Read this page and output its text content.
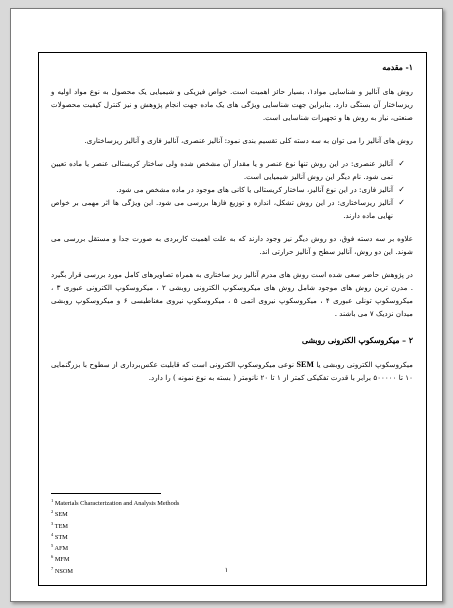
۱- مقدمه

روش های آنالیز و شناسایی مواد۱، بسیار حائز اهمیت است. خواص فیزیکی و شیمیایی یک محصول به نوع مواد اولیه و ریزساختار آن بستگی دارد. بنابراین جهت شناسایی ویژگی های یک ماده جهت انجام پژوهش و نیز کنترل کیفیت محصولات صنعتی، نیاز به روش ها و تجهیزات شناسایی است.

روش های آنالیز را می توان به سه دسته کلی تقسیم بندی نمود: آنالیز عنصری، آنالیز فازی و آنالیز ریزساختاری.

✓
آنالیز عنصری: در این روش تنها نوع عنصر و یا مقدار آن مشخص شده ولی ساختار کریستالی عنصر یا ماده تعیین نمی شود. نام دیگر این روش آنالیز شیمیایی است.
✓
آنالیز فازی: در این نوع آنالیز، ساختار کریستالی یا کانی های موجود در ماده مشخص می شود.
✓
آنالیز ریزساختاری: در این روش تشکل، اندازه و توزیع فازها بررسی می شود. این ویژگی ها اثر مهمی بر خواص نهایی ماده دارند.

علاوه بر سه دسته فوق، دو روش دیگر نیز وجود دارند که به علت اهمیت کاربردی به صورت جدا و مستقل بررسی می شوند. این دو روش، آنالیز سطح و آنالیز حرارتی اند.

در پژوهش حاضر سعی شده است روش های مدرم آنالیز ریز ساختاری به همراه تصاویرهای کامل مورد بررسی قرار بگیرد . مدرن ترین روش های موجود شامل روش های میکروسکوپ الکترونی روبشی ۲ ، میکروسکوپ الکترونی عبوری ۳ ، میکروسکوپ تونلی عبوری ۴ ، میکروسکوپ نیروی اتمی ۵ ، میکروسکوپ نیروی مغناطیسی ۶ و میکروسکوپ روبشی میدان نزدیک ۷ می باشند .

۲ – میکروسکوپ الکترونی روبشی

میکروسکوپ الکترونی روبشی یا SEM نوعی میکروسکوپ الکترونی است که قابلیت عکس‌برداری از سطوح با بزرگنمایی ۱۰ تا ۵۰۰۰۰۰ برابر با قدرت تفکیکی کمتر از ۱ تا ۲۰ نانومتر ( بسته به نوع نمونه ) را دارد.

$^1$ Materials Characterization and Analysis Methods
$^2$ SEM
$^3$ TEM
$^4$ STM
$^5$ AFM
$^6$ MFM
$^7$ NSOM	۱
